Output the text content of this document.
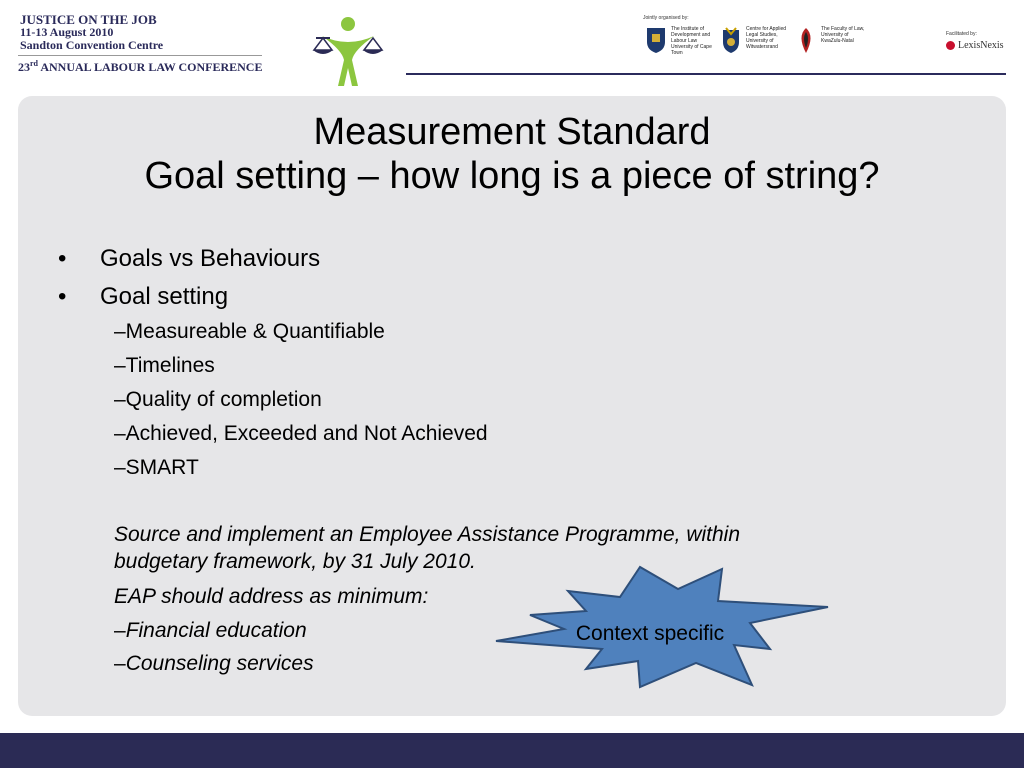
JUSTICE ON THE JOB
11-13 August 2010
Sandton Convention Centre
23rd ANNUAL LABOUR LAW CONFERENCE
Jointly organised by:
The Institute of Development and Labour Law University of Cape Town
Centre for Applied Legal Studies, University of Witwatersrand
The Faculty of Law, University of KwaZulu-Natal
Facilitated by:
LexisNexis
Measurement Standard
Goal setting – how long is a piece of string?
• Goals vs Behaviours
• Goal setting
–Measureable & Quantifiable
–Timelines
–Quality of completion
–Achieved, Exceeded and Not Achieved
–SMART
Source and implement an Employee Assistance Programme, within
budgetary framework, by 31 July 2010.
EAP should address as minimum:
–Financial education
–Counseling services
Context specific
